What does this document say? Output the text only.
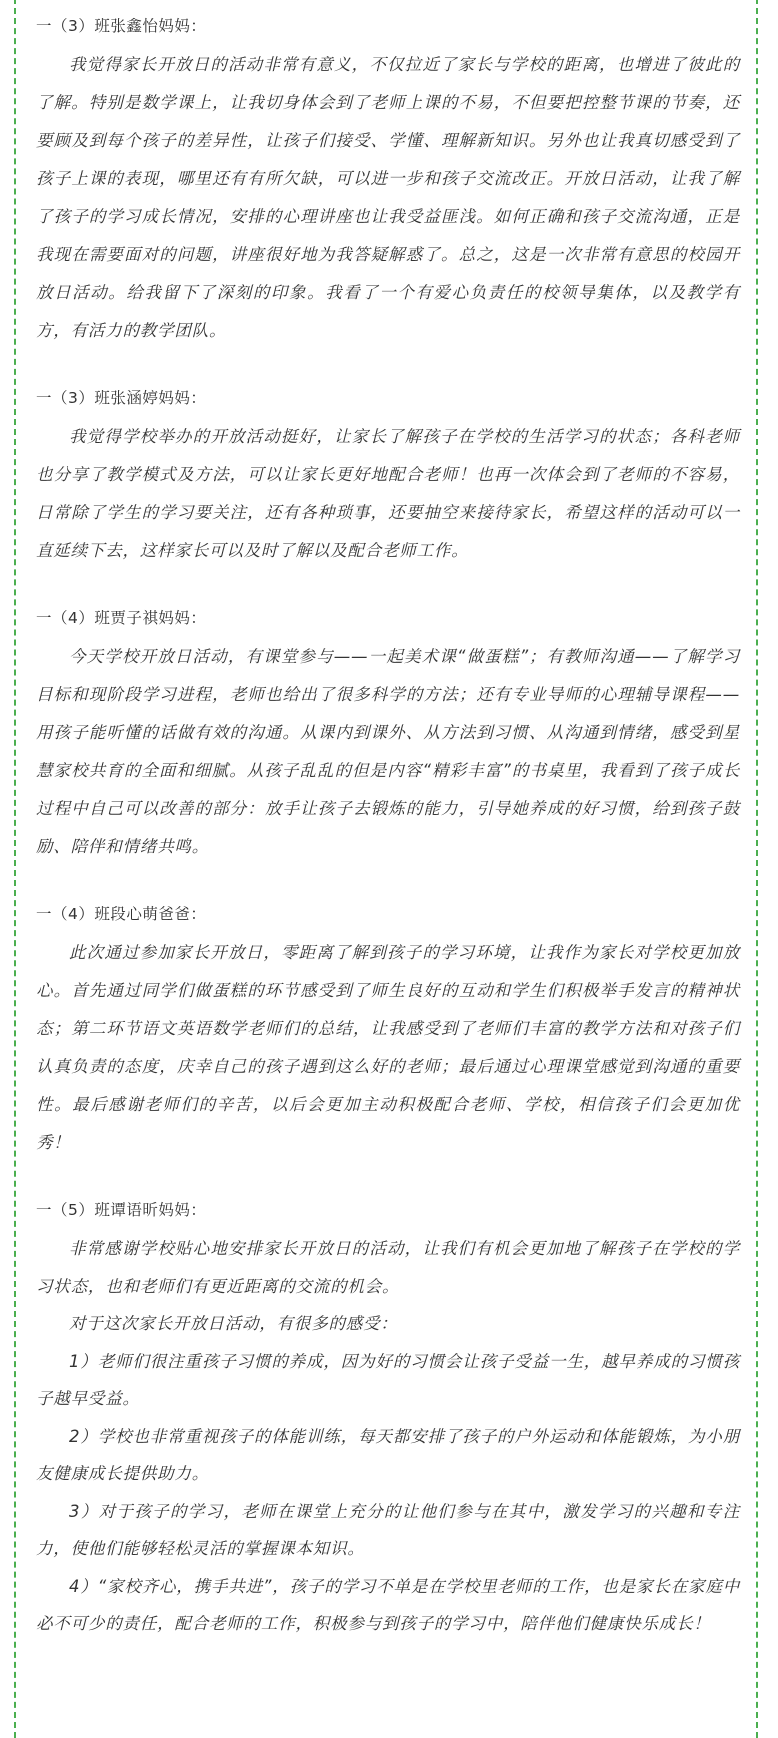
一（3）班张鑫怡妈妈：

我觉得家长开放日的活动非常有意义，不仅拉近了家长与学校的距离，也增进了彼此的了解。特别是数学课上，让我切身体会到了老师上课的不易，不但要把控整节课的节奏，还要顾及到每个孩子的差异性，让孩子们接受、学懂、理解新知识。另外也让我真切感受到了孩子上课的表现，哪里还有有所欠缺，可以进一步和孩子交流改正。开放日活动，让我了解了孩子的学习成长情况，安排的心理讲座也让我受益匪浅。如何正确和孩子交流沟通，正是我现在需要面对的问题，讲座很好地为我答疑解惑了。总之，这是一次非常有意思的校园开放日活动。给我留下了深刻的印象。我看了一个有爱心负责任的校领导集体，以及教学有方，有活力的教学团队。

一（3）班张涵婷妈妈：

我觉得学校举办的开放活动挺好，让家长了解孩子在学校的生活学习的状态；各科老师也分享了教学模式及方法，可以让家长更好地配合老师！也再一次体会到了老师的不容易，日常除了学生的学习要关注，还有各种琐事，还要抽空来接待家长，希望这样的活动可以一直延续下去，这样家长可以及时了解以及配合老师工作。

一（4）班贾子祺妈妈：

今天学校开放日活动，有课堂参与——一起美术课“做蛋糕”；有教师沟通——了解学习目标和现阶段学习进程，老师也给出了很多科学的方法；还有专业导师的心理辅导课程——用孩子能听懂的话做有效的沟通。从课内到课外、从方法到习惯、从沟通到情绪，感受到星慧家校共育的全面和细腻。从孩子乱乱的但是内容“精彩丰富”的书桌里，我看到了孩子成长过程中自己可以改善的部分：放手让孩子去锻炼的能力，引导她养成的好习惯，给到孩子鼓励、陪伴和情绪共鸣。

一（4）班段心萌爸爸：

此次通过参加家长开放日，零距离了解到孩子的学习环境，让我作为家长对学校更加放心。首先通过同学们做蛋糕的环节感受到了师生良好的互动和学生们积极举手发言的精神状态；第二环节语文英语数学老师们的总结，让我感受到了老师们丰富的教学方法和对孩子们认真负责的态度，庆幸自己的孩子遇到这么好的老师；最后通过心理课堂感觉到沟通的重要性。最后感谢老师们的辛苦，以后会更加主动积极配合老师、学校，相信孩子们会更加优秀！

一（5）班谭语昕妈妈：

非常感谢学校贴心地安排家长开放日的活动，让我们有机会更加地了解孩子在学校的学习状态，也和老师们有更近距离的交流的机会。

对于这次家长开放日活动，有很多的感受：

1）老师们很注重孩子习惯的养成，因为好的习惯会让孩子受益一生，越早养成的习惯孩子越早受益。

2）学校也非常重视孩子的体能训练，每天都安排了孩子的户外运动和体能锻炼，为小朋友健康成长提供助力。

3）对于孩子的学习，老师在课堂上充分的让他们参与在其中，激发学习的兴趣和专注力，使他们能够轻松灵活的掌握课本知识。

4）“家校齐心，携手共进”，孩子的学习不单是在学校里老师的工作，也是家长在家庭中必不可少的责任，配合老师的工作，积极参与到孩子的学习中，陪伴他们健康快乐成长！
